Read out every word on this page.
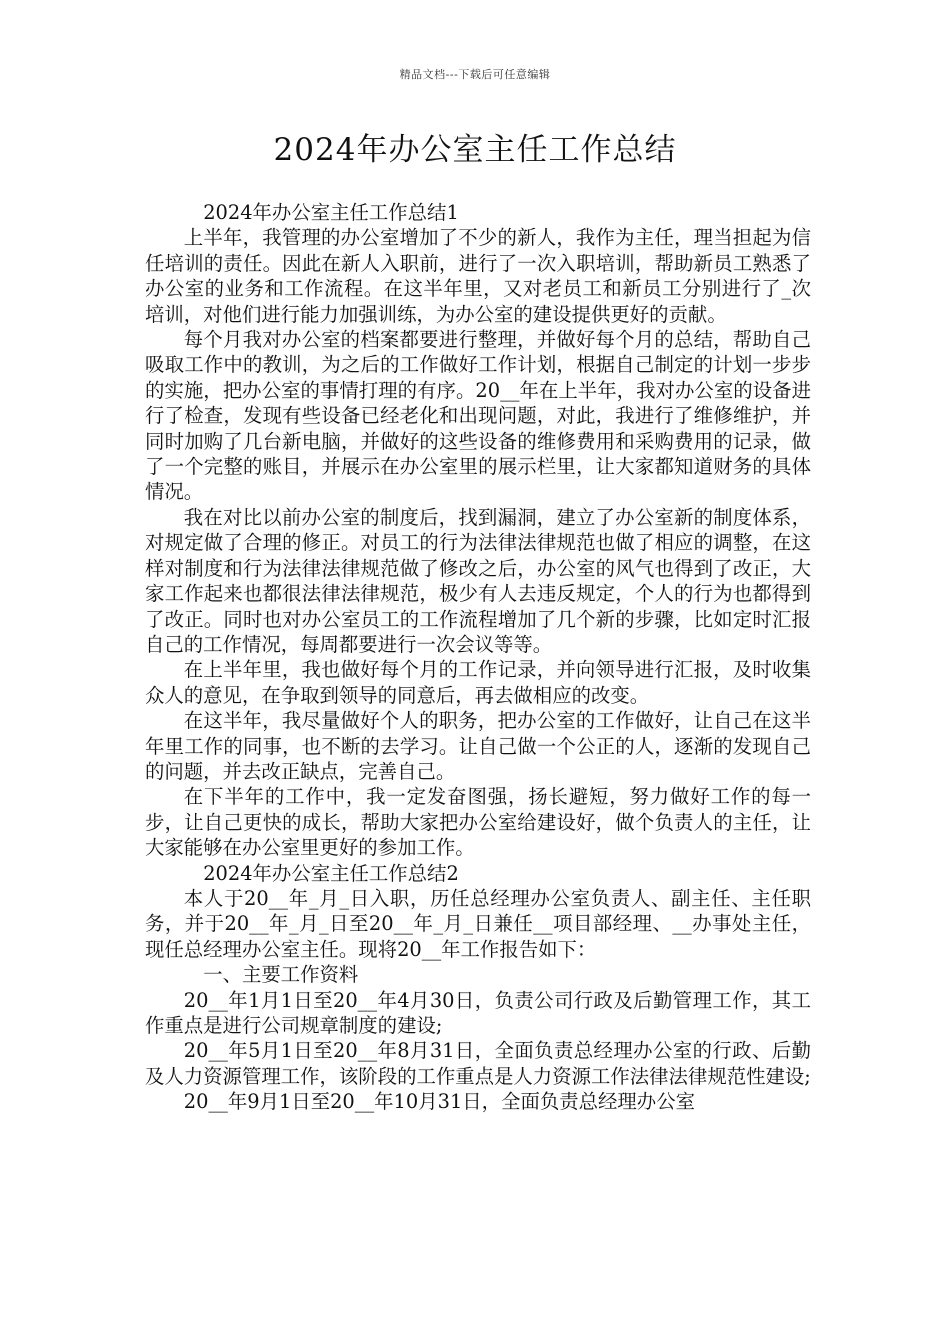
精品文档---下载后可任意编辑
2024年办公室主任工作总结

2024年办公室主任工作总结1

上半年，我管理的办公室增加了不少的新人，我作为主任，理当担起为信任培训的责任。因此在新人入职前，进行了一次入职培训，帮助新员工熟悉了办公室的业务和工作流程。在这半年里，又对老员工和新员工分别进行了_次培训，对他们进行能力加强训练，为办公室的建设提供更好的贡献。

每个月我对办公室的档案都要进行整理，并做好每个月的总结，帮助自己吸取工作中的教训，为之后的工作做好工作计划，根据自己制定的计划一步步的实施，把办公室的事情打理的有序。20__年在上半年，我对办公室的设备进行了检查，发现有些设备已经老化和出现问题，对此，我进行了维修维护，并同时加购了几台新电脑，并做好的这些设备的维修费用和采购费用的记录，做了一个完整的账目，并展示在办公室里的展示栏里，让大家都知道财务的具体情况。

我在对比以前办公室的制度后，找到漏洞，建立了办公室新的制度体系，对规定做了合理的修正。对员工的行为法律法律规范也做了相应的调整，在这样对制度和行为法律法律规范做了修改之后，办公室的风气也得到了改正，大家工作起来也都很法律法律规范，极少有人去违反规定，个人的行为也都得到了改正。同时也对办公室员工的工作流程增加了几个新的步骤，比如定时汇报自己的工作情况，每周都要进行一次会议等等。

在上半年里，我也做好每个月的工作记录，并向领导进行汇报，及时收集众人的意见，在争取到领导的同意后，再去做相应的改变。

在这半年，我尽量做好个人的职务，把办公室的工作做好，让自己在这半年里工作的同事，也不断的去学习。让自己做一个公正的人，逐渐的发现自己的问题，并去改正缺点，完善自己。

在下半年的工作中，我一定发奋图强，扬长避短，努力做好工作的每一步，让自己更快的成长，帮助大家把办公室给建设好，做个负责人的主任，让大家能够在办公室里更好的参加工作。

2024年办公室主任工作总结2

本人于20__年_月_日入职，历任总经理办公室负责人、副主任、主任职务，并于20__年_月_日至20__年_月_日兼任__项目部经理、__办事处主任，现任总经理办公室主任。现将20__年工作报告如下：

一、主要工作资料

20__年1月1日至20__年4月30日，负责公司行政及后勤管理工作，其工作重点是进行公司规章制度的建设;

20__年5月1日至20__年8月31日，全面负责总经理办公室的行政、后勤及人力资源管理工作，该阶段的工作重点是人力资源工作法律法律规范性建设;

20__年9月1日至20__年10月31日，全面负责总经理办公室
